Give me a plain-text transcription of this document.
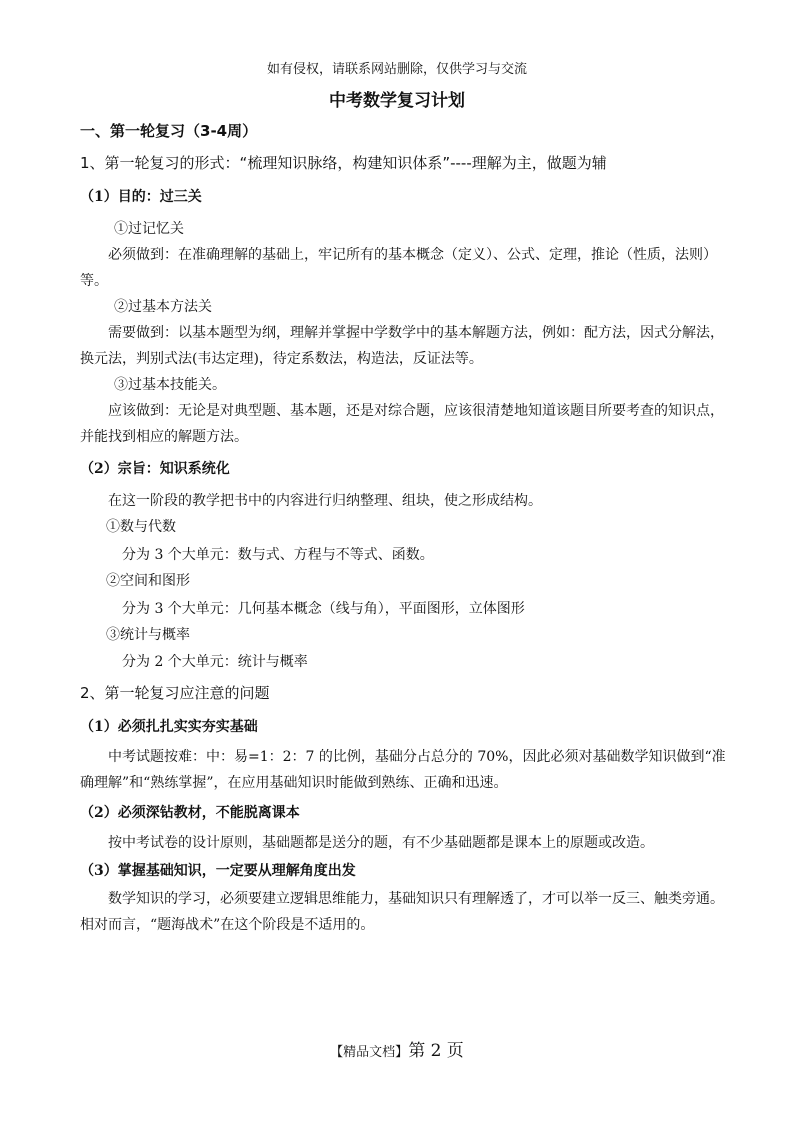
如有侵权，请联系网站删除，仅供学习与交流
中考数学复习计划
一、第一轮复习（3-4周）
1、第一轮复习的形式：“梳理知识脉络，构建知识体系”----理解为主，做题为辅
（1）目的：过三关
①过记忆关
必须做到：在准确理解的基础上，牢记所有的基本概念（定义）、公式、定理，推论（性质，法则）等。
②过基本方法关
需要做到：以基本题型为纲，理解并掌握中学数学中的基本解题方法，例如：配方法，因式分解法，换元法，判别式法(韦达定理)，待定系数法，构造法，反证法等。
③过基本技能关。
应该做到：无论是对典型题、基本题，还是对综合题，应该很清楚地知道该题目所要考查的知识点，并能找到相应的解题方法。
（2）宗旨：知识系统化
在这一阶段的教学把书中的内容进行归纳整理、组块，使之形成结构。
①数与代数
分为 3 个大单元：数与式、方程与不等式、函数。
②空间和图形
分为 3 个大单元：几何基本概念（线与角），平面图形，立体图形
③统计与概率
分为 2 个大单元：统计与概率
2、第一轮复习应注意的问题
（1）必须扎扎实实夯实基础
中考试题按难：中：易=1：2：7 的比例，基础分占总分的 70%，因此必须对基础数学知识做到“准确理解”和“熟练掌握”，在应用基础知识时能做到熟练、正确和迅速。
（2）必须深钻教材，不能脱离课本
按中考试卷的设计原则，基础题都是送分的题，有不少基础题都是课本上的原题或改造。
（3）掌握基础知识，一定要从理解角度出发
数学知识的学习，必须要建立逻辑思维能力，基础知识只有理解透了，才可以举一反三、触类旁通。相对而言，“题海战术”在这个阶段是不适用的。
【精品文档】第 2 页
